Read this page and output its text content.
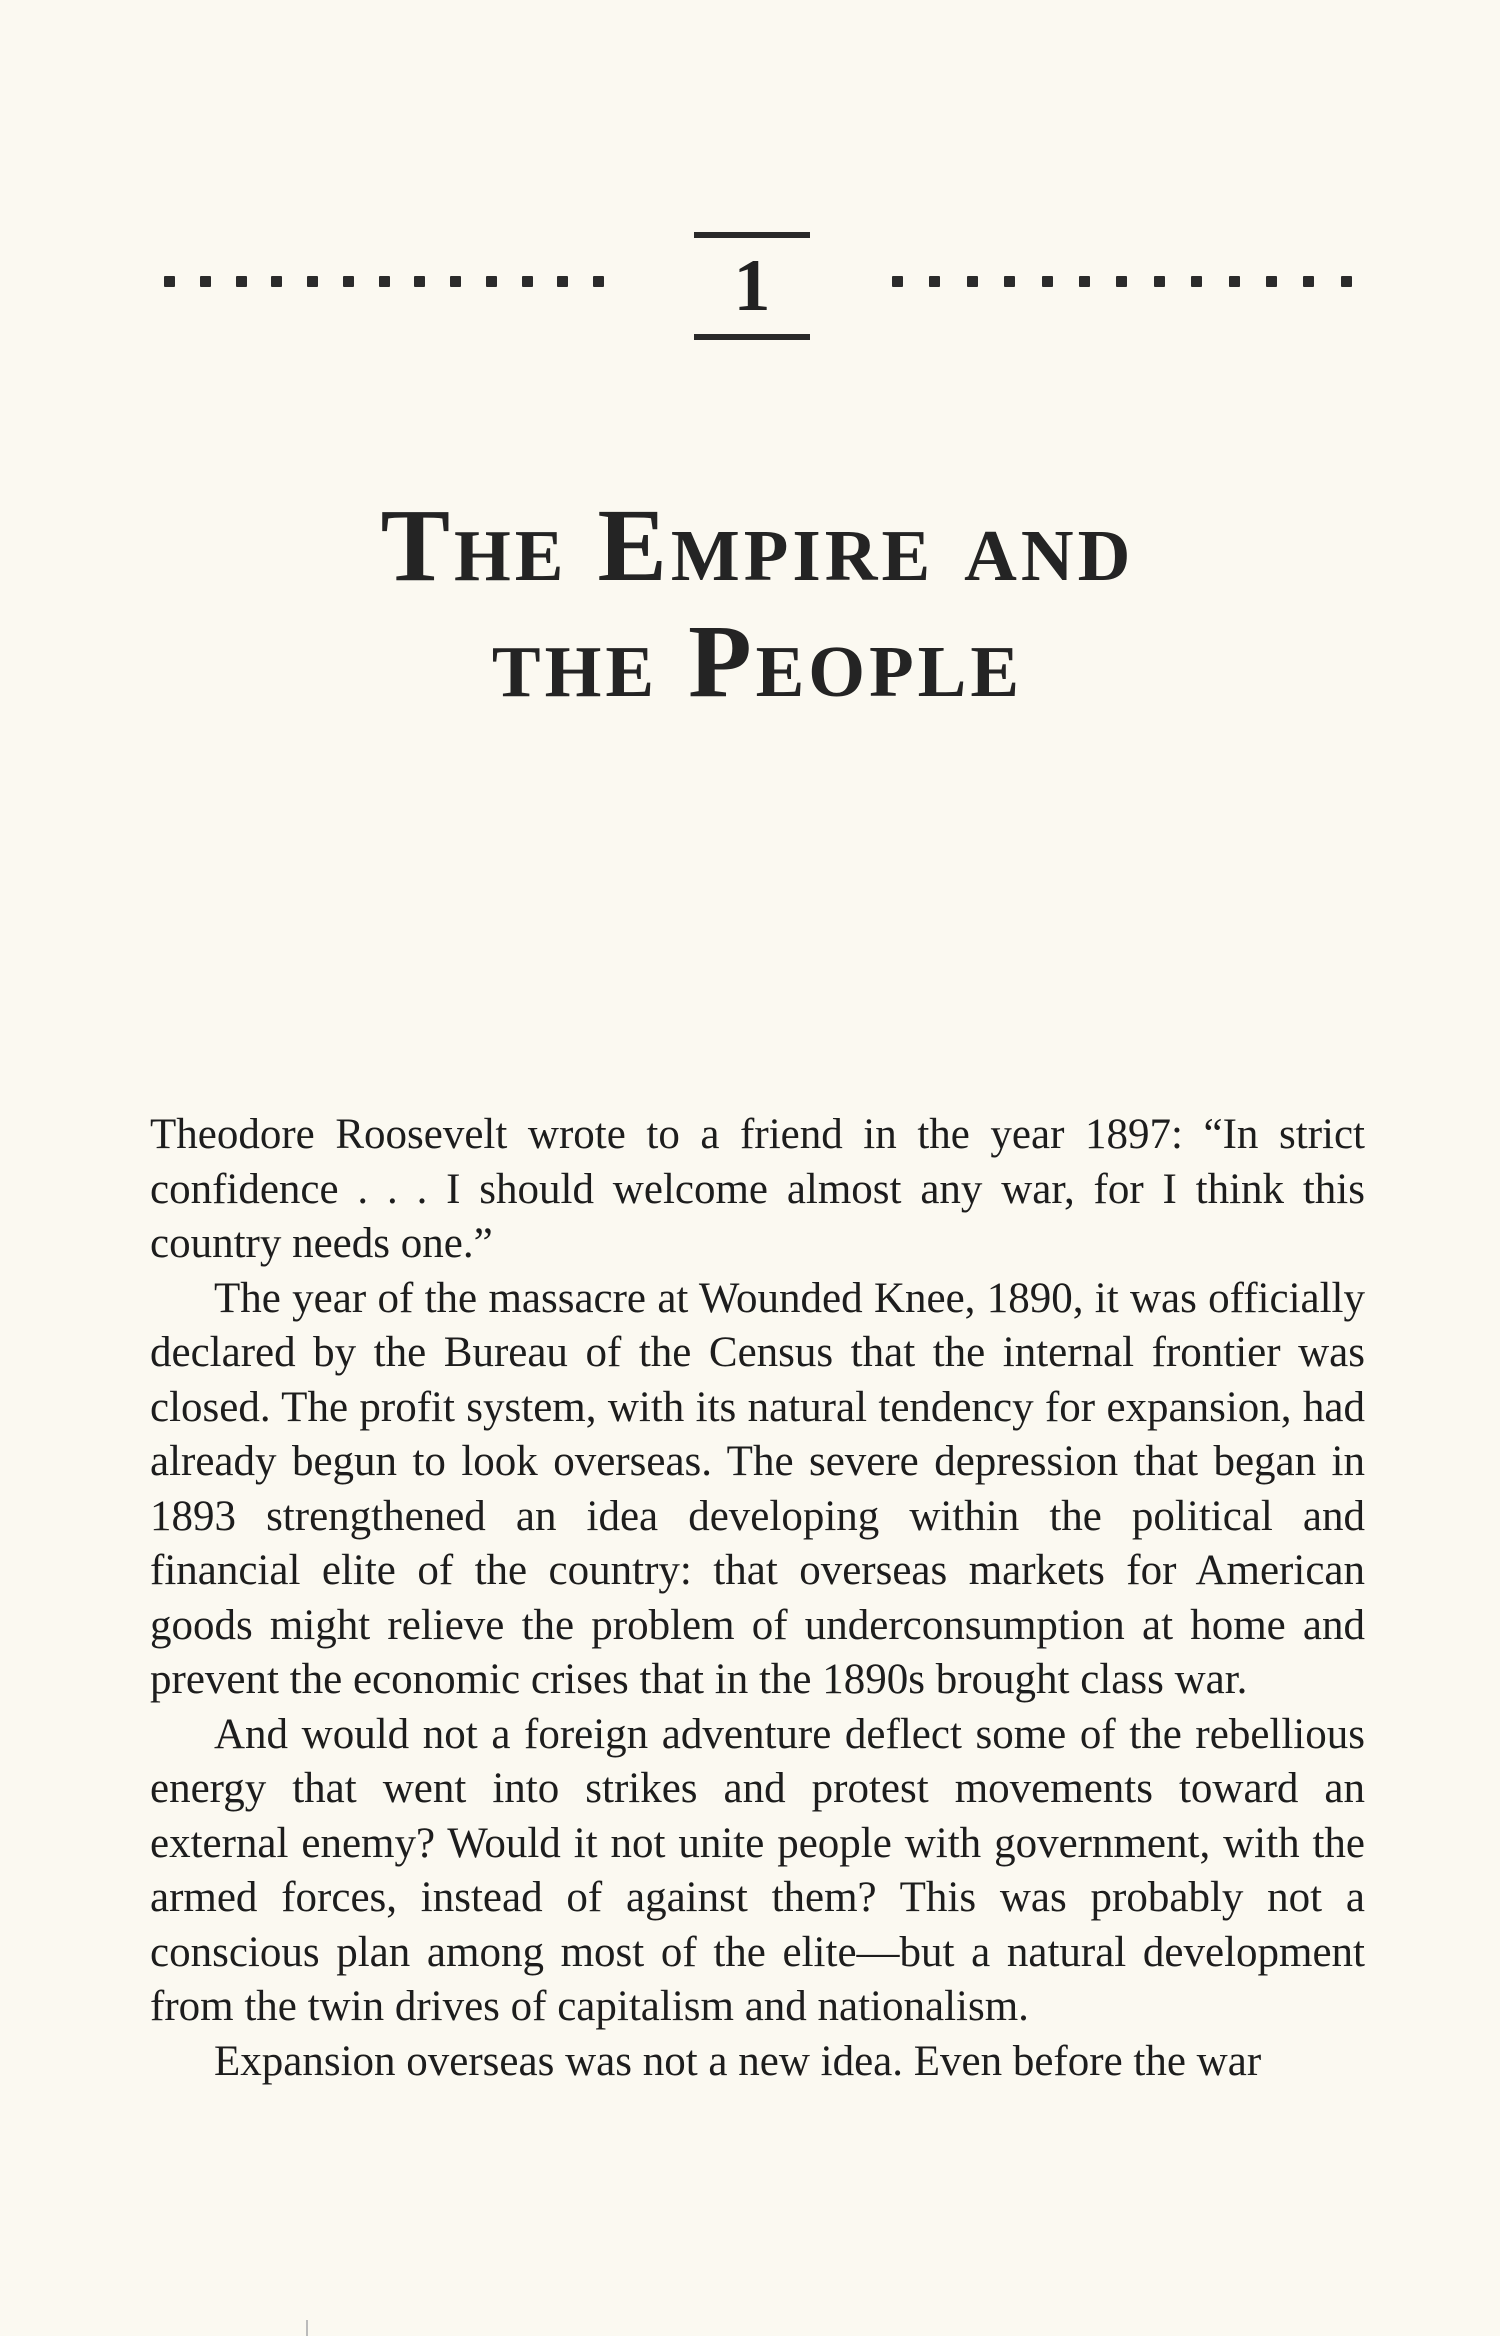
1
The Empire and
the People

Theodore Roosevelt wrote to a friend in the year 1897: “In strict confidence . . . I should welcome almost any war, for I think this country needs one.”

The year of the massacre at Wounded Knee, 1890, it was officially declared by the Bureau of the Census that the internal frontier was closed. The profit system, with its natural tendency for expansion, had already begun to look overseas. The severe depression that began in 1893 strengthened an idea developing within the political and financial elite of the country: that overseas markets for American goods might relieve the problem of underconsumption at home and prevent the economic crises that in the 1890s brought class war.

And would not a foreign adventure deflect some of the rebellious energy that went into strikes and protest movements toward an external enemy? Would it not unite people with government, with the armed forces, instead of against them? This was probably not a conscious plan among most of the elite—but a natural development from the twin drives of capitalism and nationalism.

Expansion overseas was not a new idea. Even before the war
